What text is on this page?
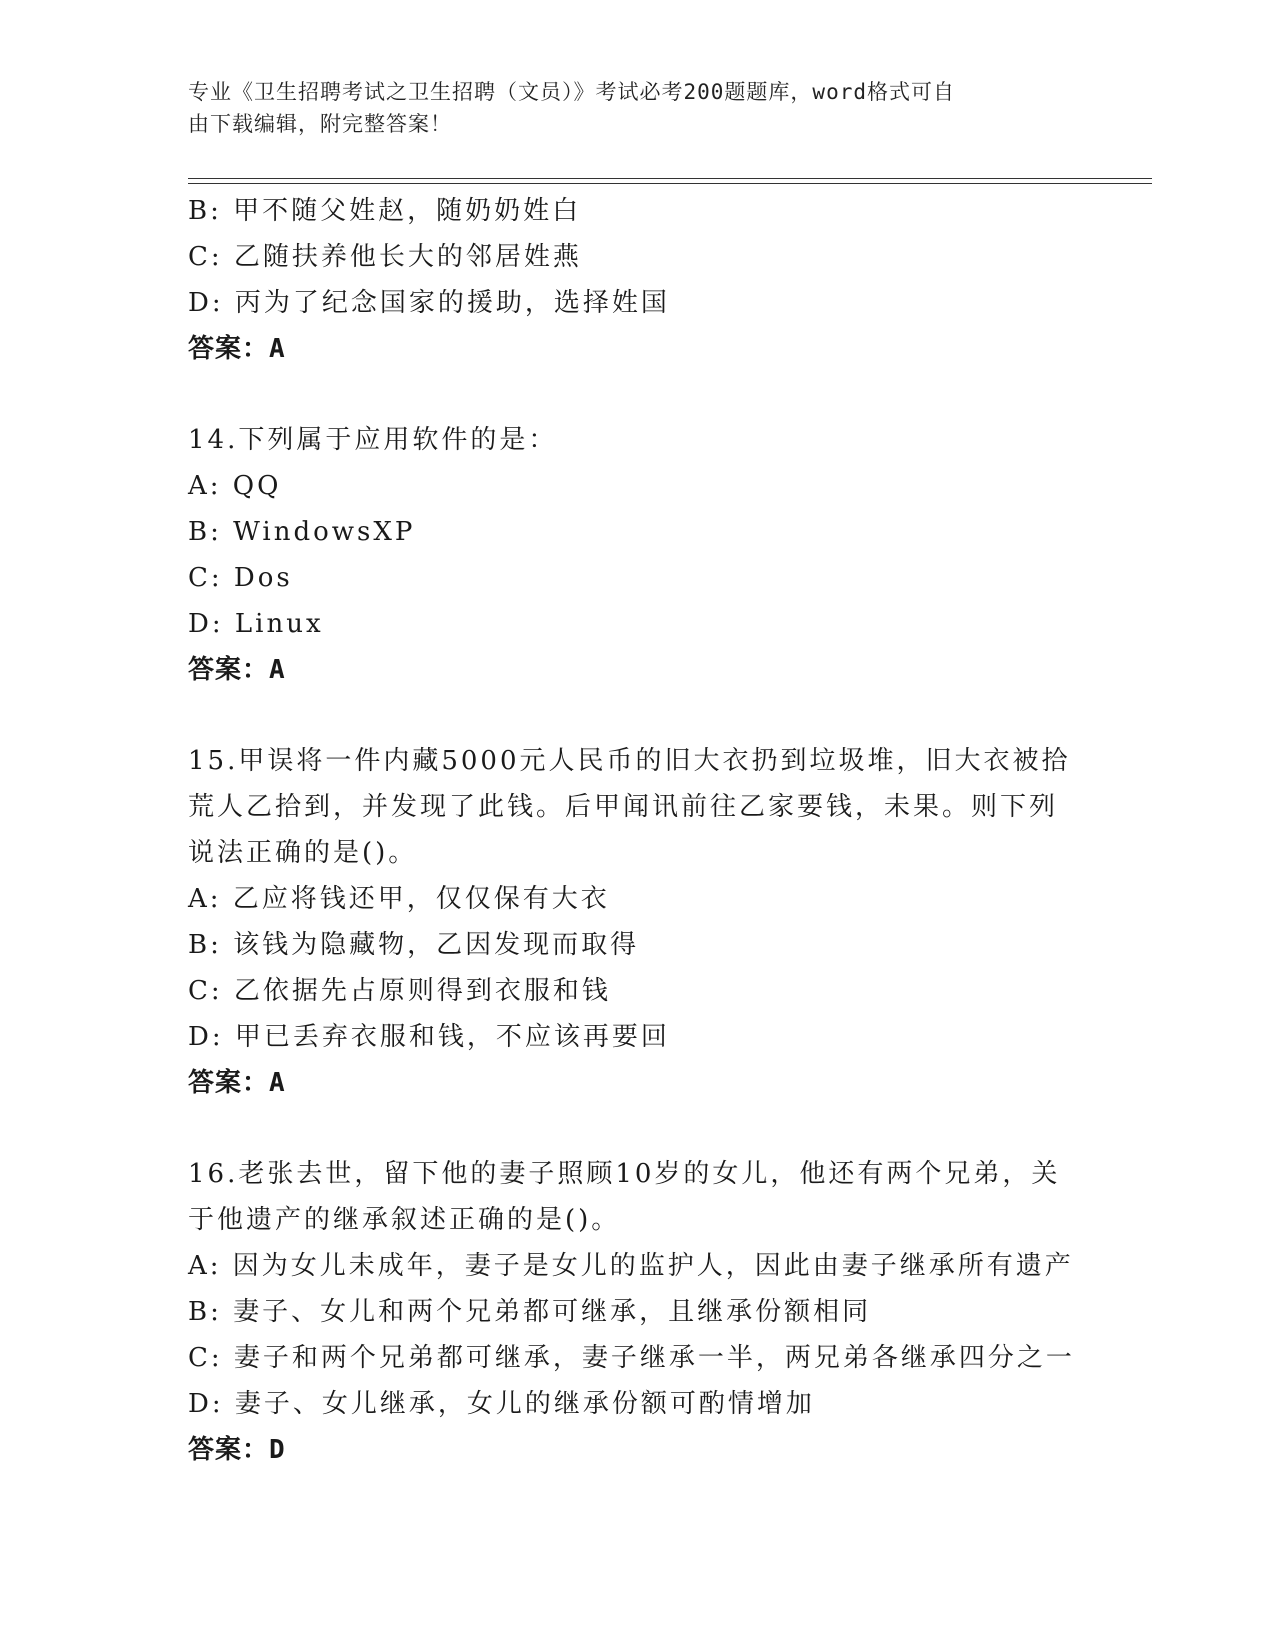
专业《卫生招聘考试之卫生招聘（文员）》考试必考200题题库，word格式可自
由下载编辑，附完整答案！
B: 甲不随父姓赵，随奶奶姓白
C: 乙随扶养他长大的邻居姓燕
D: 丙为了纪念国家的援助，选择姓国
答案：A
14.下列属于应用软件的是：
A: QQ
B: WindowsXP
C: Dos
D: Linux
答案：A
15.甲误将一件内藏5000元人民币的旧大衣扔到垃圾堆，旧大衣被拾
荒人乙拾到，并发现了此钱。后甲闻讯前往乙家要钱，未果。则下列
说法正确的是()。
A: 乙应将钱还甲，仅仅保有大衣
B: 该钱为隐藏物，乙因发现而取得
C: 乙依据先占原则得到衣服和钱
D: 甲已丢弃衣服和钱，不应该再要回
答案：A
16.老张去世，留下他的妻子照顾10岁的女儿，他还有两个兄弟，关
于他遗产的继承叙述正确的是()。
A: 因为女儿未成年，妻子是女儿的监护人，因此由妻子继承所有遗产
B: 妻子、女儿和两个兄弟都可继承，且继承份额相同
C: 妻子和两个兄弟都可继承，妻子继承一半，两兄弟各继承四分之一
D: 妻子、女儿继承，女儿的继承份额可酌情增加
答案：D
